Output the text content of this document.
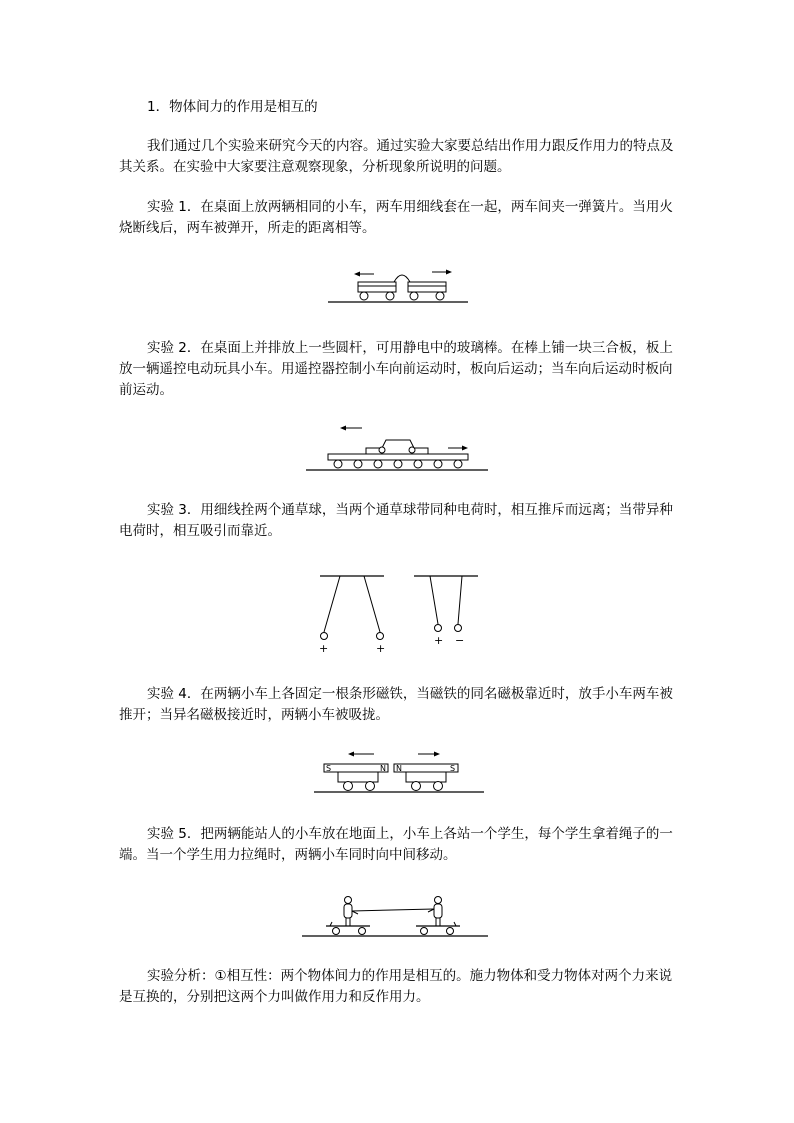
1．物体间力的作用是相互的

我们通过几个实验来研究今天的内容。通过实验大家要总结出作用力跟反作用力的特点及其关系。在实验中大家要注意观察现象，分析现象所说明的问题。

实验 1．在桌面上放两辆相同的小车，两车用细线套在一起，两车间夹一弹簧片。当用火烧断线后，两车被弹开，所走的距离相等。

实验 2．在桌面上并排放上一些圆杆，可用静电中的玻璃棒。在棒上铺一块三合板，板上放一辆遥控电动玩具小车。用遥控器控制小车向前运动时，板向后运动；当车向后运动时板向前运动。

实验 3．用细线拴两个通草球，当两个通草球带同种电荷时，相互推斥而远离；当带异种电荷时，相互吸引而靠近。

+	+
+ −

实验 4．在两辆小车上各固定一根条形磁铁，当磁铁的同名磁极靠近时，放手小车两车被推开；当异名磁极接近时，两辆小车被吸拢。

S	N N	S

实验 5．把两辆能站人的小车放在地面上，小车上各站一个学生，每个学生拿着绳子的一端。当一个学生用力拉绳时，两辆小车同时向中间移动。

实验分析：①相互性：两个物体间力的作用是相互的。施力物体和受力物体对两个力来说是互换的，分别把这两个力叫做作用力和反作用力。
